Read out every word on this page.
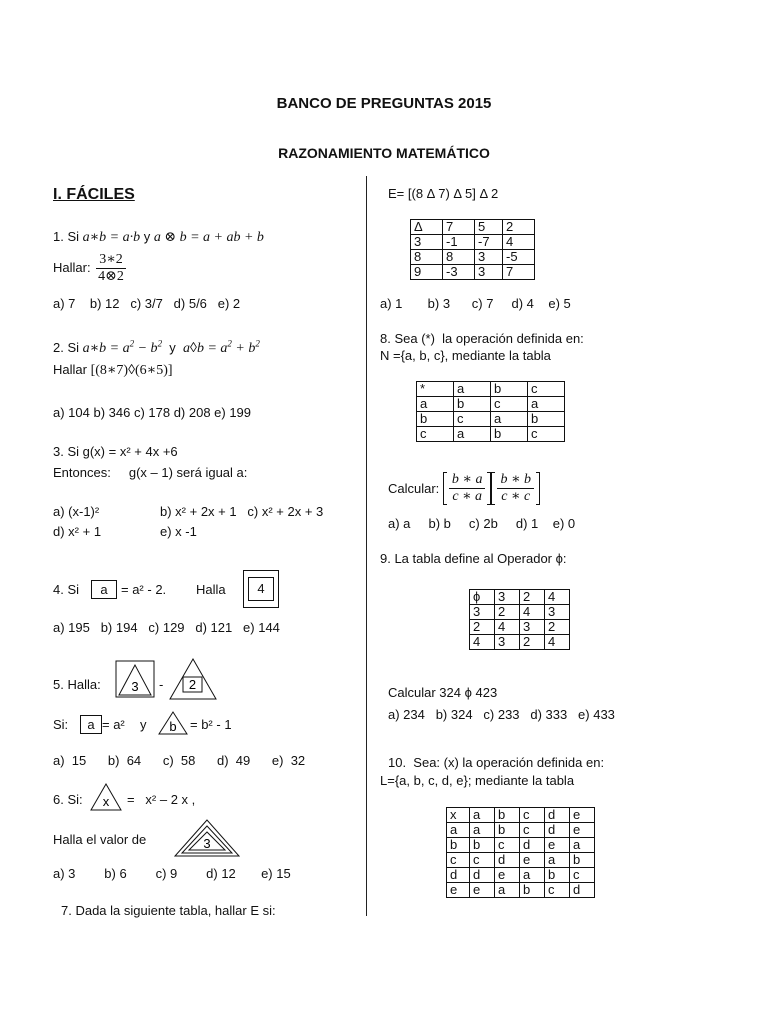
BANCO DE PREGUNTAS 2015
RAZONAMIENTO MATEMÁTICO
I. FÁCILES
1. Si a∗b = a·b y a ⊗ b = a + ab + b
Hallar: $\frac{3∗2}{4\otimes 2}$
a) 7    b) 12   c) 3/7   d) 5/6   e) 2
2. Si a∗b = $a^2 - b^2$ y a◊b = $a^2 + b^2$
Hallar [(8∗7)◊(6∗5)]
a) 104 b) 346 c) 178 d) 208 e) 199
3. Si g(x) = x² + 4x +6
Entonces:     g(x – 1) será igual a:
a) (x-1)²	b) x² + 2x + 1   c) x² + 2x + 3
d) x² + 1	e) x -1
4. Si	a	= a² - 2. Halla	4
a) 195   b) 194   c) 129   d) 121   e) 144
5. Halla: 3 - 2
Si:	a = a² y b = b² - 1
a)  15      b)  64      c)  58      d)  49      e)  32
6. Si: x =   x² – 2 x ,
Halla el valor de	3
a) 3        b) 6        c) 9        d) 12       e) 15
7. Dada la siguiente tabla, hallar E si:
E= [(8 Δ 7) Δ 5] Δ 2
Δ	7	5	2
3	-1	-7	4
8	8	3	-5
9	-3	3	7
a) 1       b) 3      c) 7     d) 4    e) 5
8. Sea (*)  la operación definida en:
N ={a, b, c}, mediante la tabla
*	a	b	c
a	b	c	a
b	c	a	b
c	a	b	c
Calcular: $\frac{b ∗ a}{c ∗ a} \frac{b ∗ b}{c ∗ c}$
a) a     b) b     c) 2b     d) 1    e) 0
9. La tabla define al Operador ϕ:
ϕ	3	2	4
3	2	4	3
2	4	3	2
4	3	2	4
Calcular 324 ϕ 423
a) 234   b) 324   c) 233   d) 333   e) 433
10.  Sea: (x) la operación definida en:
L={a, b, c, d, e}; mediante la tabla
x	a	b	c	d	e
a	a	b	c	d	e
b	b	c	d	e	a
c	c	d	e	a	b
d	d	e	a	b	c
e	e	a	b	c	d
